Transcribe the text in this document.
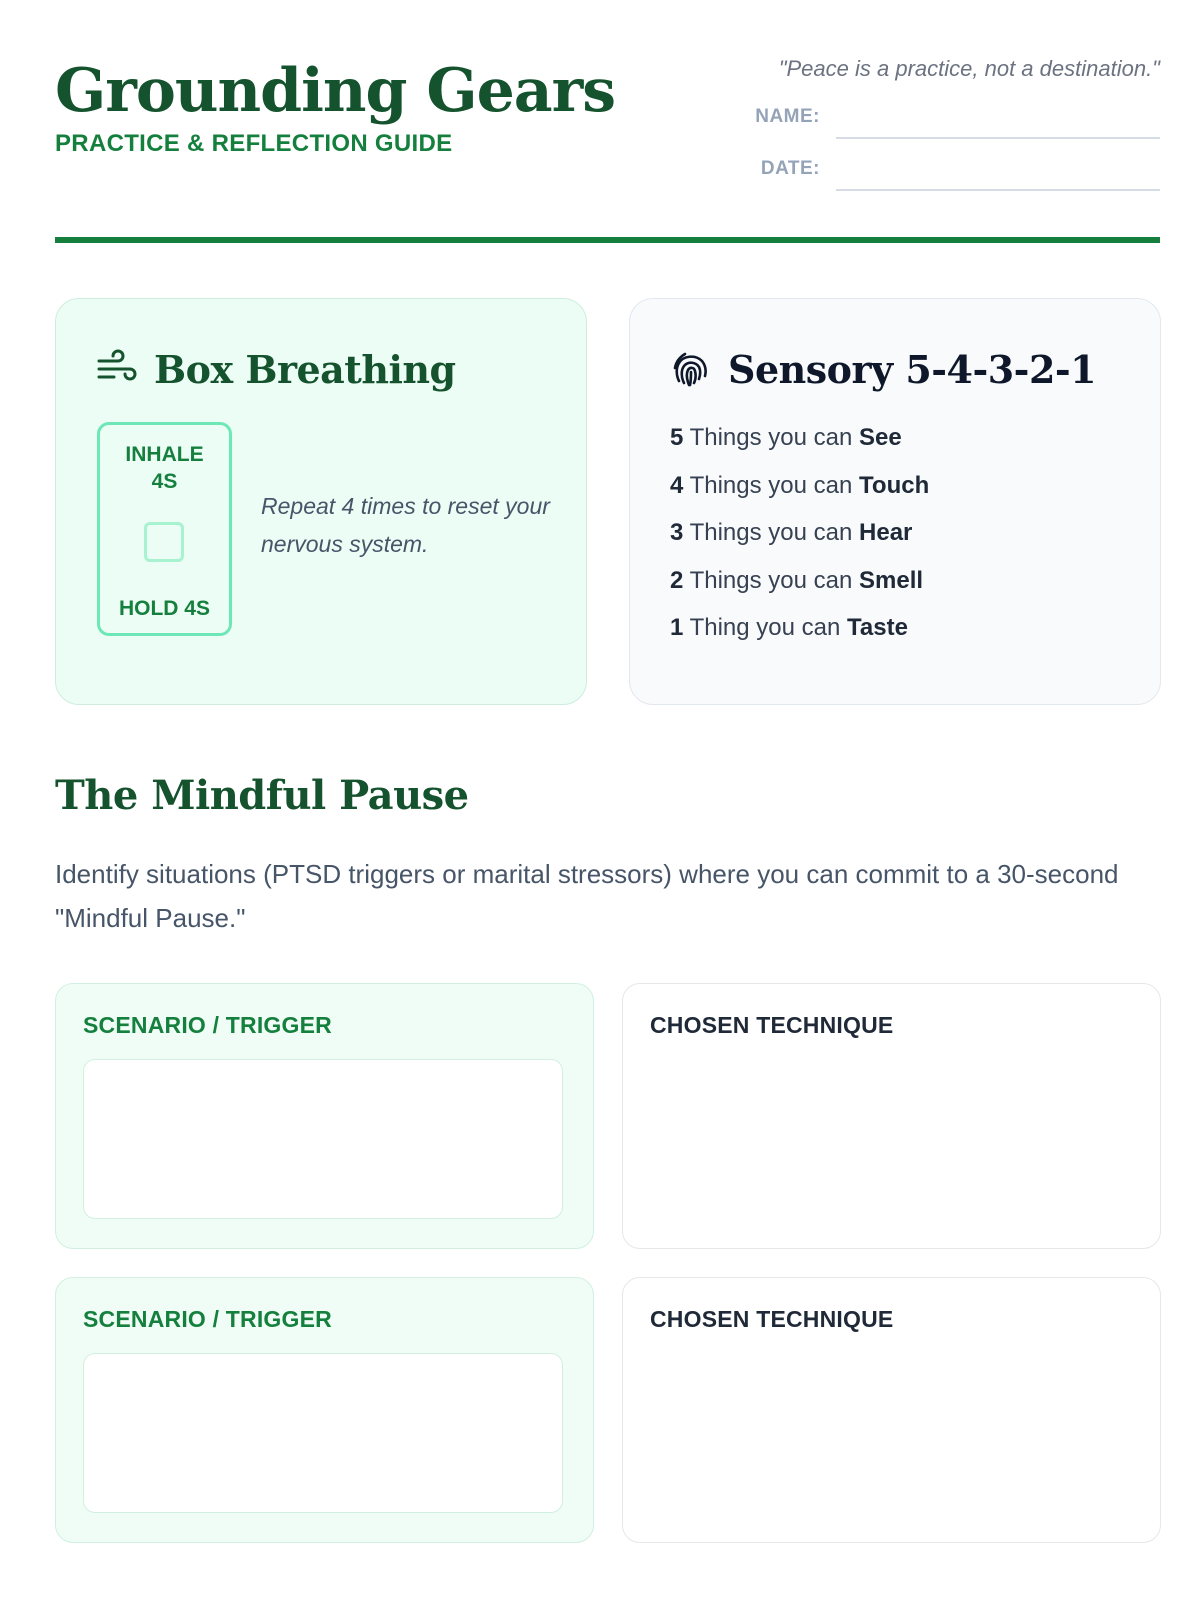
Grounding Gears
PRACTICE & REFLECTION GUIDE
"Peace is a practice, not a destination."
NAME:
DATE:
Box Breathing
INHALE
4S
HOLD 4S
Repeat 4 times to reset your nervous system.
Sensory 5-4-3-2-1
5 Things you can See
4 Things you can Touch
3 Things you can Hear
2 Things you can Smell
1 Thing you can Taste
The Mindful Pause

Identify situations (PTSD triggers or marital stressors) where you can commit to a 30-second "Mindful Pause."

SCENARIO / TRIGGER	CHOSEN TECHNIQUE
SCENARIO / TRIGGER	CHOSEN TECHNIQUE
